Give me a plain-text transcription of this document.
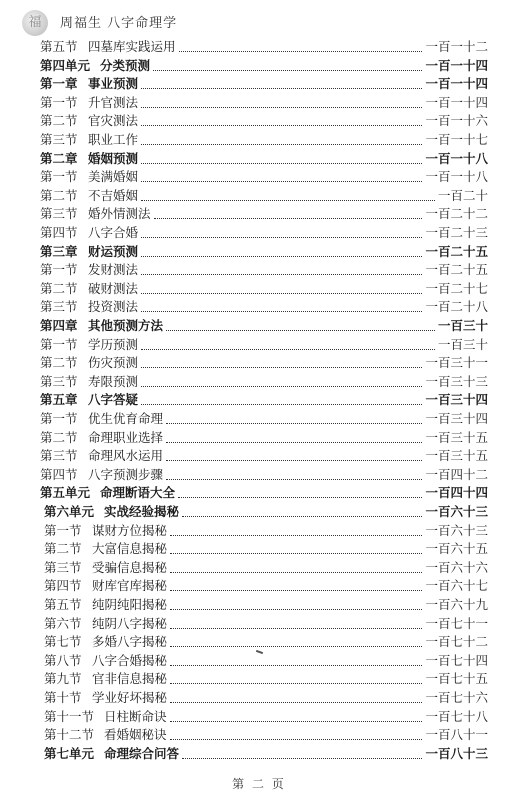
福	周福生 八字命理学
第五节 四墓库实践运用	一百一十二
第四单元 分类预测	一百一十四
第一章 事业预测	一百一十四
第一节 升官测法	一百一十四
第二节 官灾测法	一百一十六
第三节 职业工作	一百一十七
第二章 婚姻预测	一百一十八
第一节 美满婚姻	一百一十八
第二节 不吉婚姻	一百二十
第三节 婚外情测法	一百二十二
第四节 八字合婚	一百二十三
第三章 财运预测	一百二十五
第一节 发财测法	一百二十五
第二节 破财测法	一百二十七
第三节 投资测法	一百二十八
第四章 其他预测方法	一百三十
第一节 学历预测	一百三十
第二节 伤灾预测	一百三十一
第三节 寿限预测	一百三十三
第五章 八字答疑	一百三十四
第一节 优生优育命理	一百三十四
第二节 命理职业选择	一百三十五
第三节 命理风水运用	一百三十五
第四节 八字预测步骤	一百四十二
第五单元 命理断语大全	一百四十四
第六单元 实战经验揭秘	一百六十三
第一节 谋财方位揭秘	一百六十三
第二节 大富信息揭秘	一百六十五
第三节 受骗信息揭秘	一百六十六
第四节 财库官库揭秘	一百六十七
第五节 纯阴纯阳揭秘	一百六十九
第六节 纯阴八字揭秘	一百七十一
第七节 多婚八字揭秘	一百七十二
第八节 八字合婚揭秘	一百七十四
第九节 官非信息揭秘	一百七十五
第十节 学业好坏揭秘	一百七十六
第十一节 日柱断命诀	一百七十八
第十二节 看婚姻秘诀	一百八十一
第七单元 命理综合问答	一百八十三
第 二 页
